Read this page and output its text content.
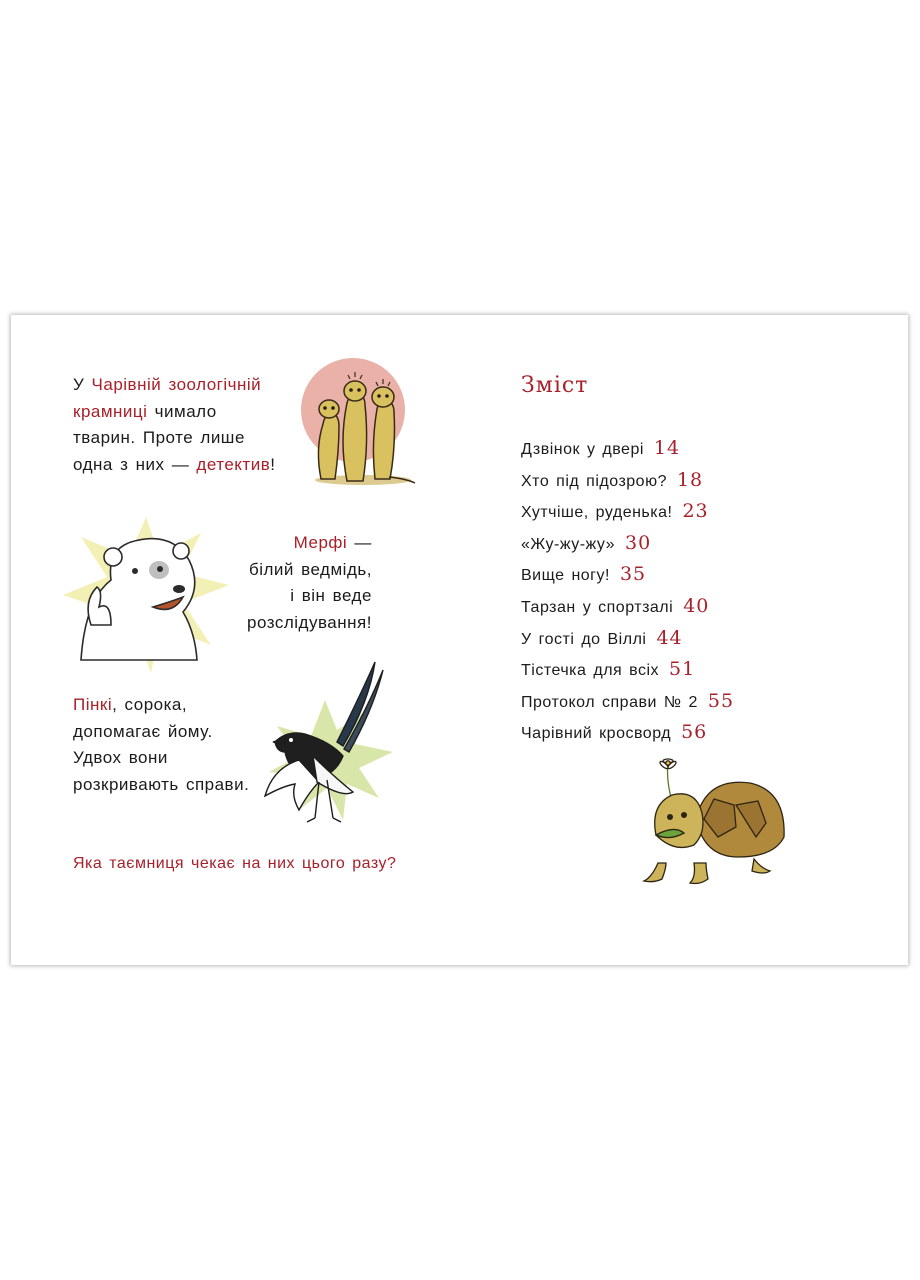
У Чарівній зоологічній
крамниці чимало
тварин. Проте лише
одна з них — детектив!
Мерфі —
білий ведмідь,
і він веде
розслідування!
Пінкі, сорока,
допомагає йому.
Удвох вони
розкривають справи.
Яка таємниця чекає на них цього разу?
Зміст
Дзвінок у двері 14
Хто під підозрою? 18
Хутчіше, руденька! 23
«Жу-жу-жу» 30
Вище ногу! 35
Тарзан у спортзалі 40
У гості до Віллі 44
Тістечка для всіх 51
Протокол справи № 2 55
Чарівний кросворд 56
